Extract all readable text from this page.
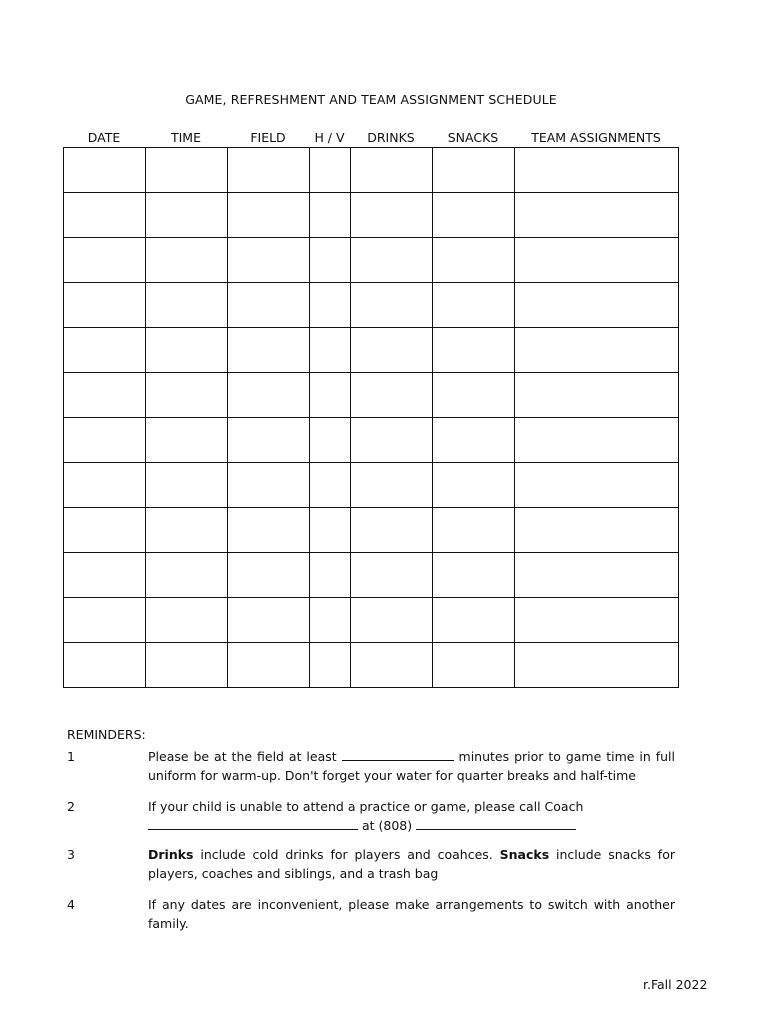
GAME, REFRESHMENT AND TEAM ASSIGNMENT SCHEDULE
DATE	TIME	FIELD	H / V	DRINKS	SNACKS	TEAM ASSIGNMENTS

REMINDERS:
1	Please be at the field at least	minutes prior to game time in full uniform for warm-up. Don't forget your water for quarter breaks and half-time
2	If your child is unable to attend a practice or game, please call Coach
at (808)
3	Drinks include cold drinks for players and coahces. Snacks include snacks for players, coaches and siblings, and a trash bag
4	If any dates are inconvenient, please make arrangements to switch with another family.
r.Fall 2022
